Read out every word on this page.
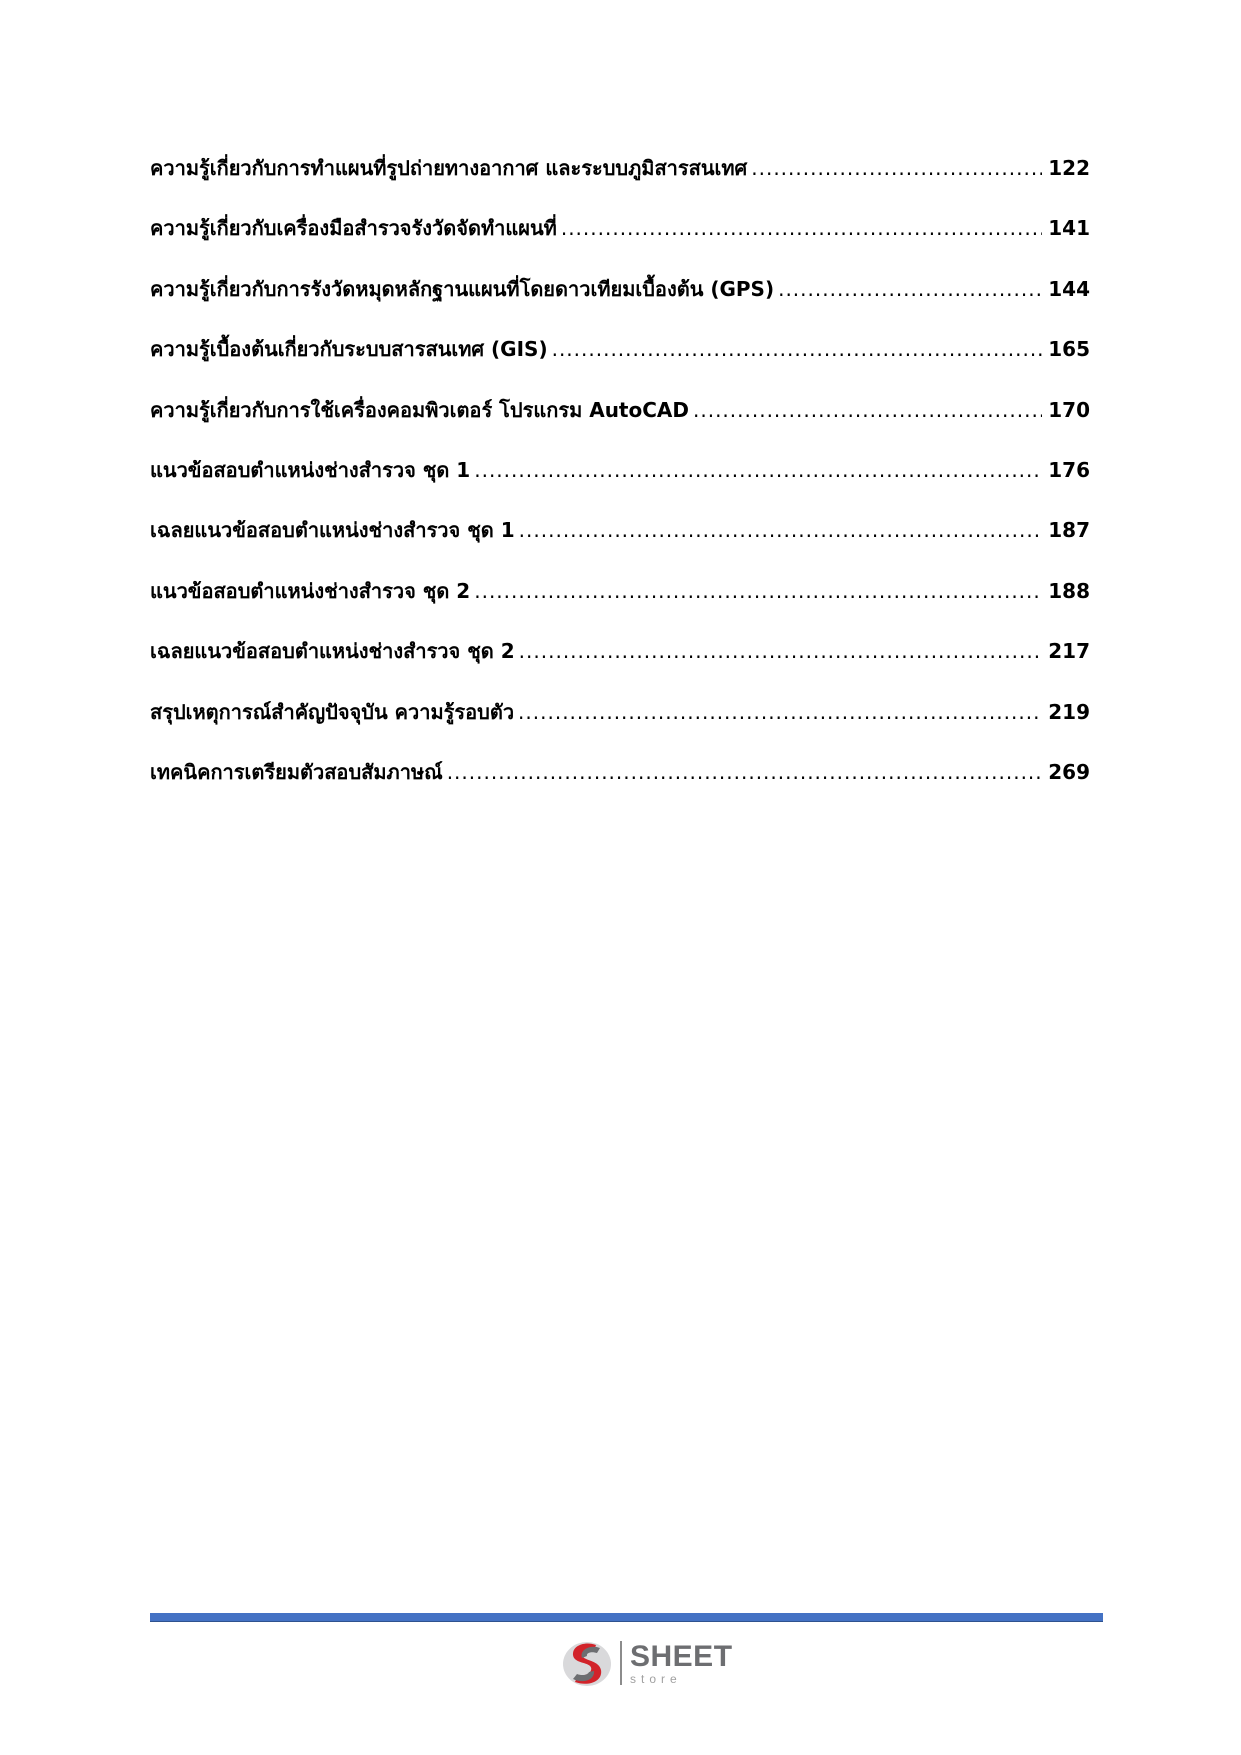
ความรู้เกี่ยวกับการทำแผนที่รูปถ่ายทางอากาศ และระบบภูมิสารสนเทศ .....	122
ความรู้เกี่ยวกับเครื่องมือสำรวจรังวัดจัดทำแผนที่ .....	141
ความรู้เกี่ยวกับการรังวัดหมุดหลักฐานแผนที่โดยดาวเทียมเบื้องต้น (GPS) .....	144
ความรู้เบื้องต้นเกี่ยวกับระบบสารสนเทศ (GIS) .....	165
ความรู้เกี่ยวกับการใช้เครื่องคอมพิวเตอร์ โปรแกรม AutoCAD .....	170
แนวข้อสอบตำแหน่งช่างสำรวจ ชุด 1 .....	176
เฉลยแนวข้อสอบตำแหน่งช่างสำรวจ ชุด 1 .....	187
แนวข้อสอบตำแหน่งช่างสำรวจ ชุด 2 .....	188
เฉลยแนวข้อสอบตำแหน่งช่างสำรวจ ชุด 2 .....	217
สรุปเหตุการณ์สำคัญปัจจุบัน ความรู้รอบตัว .....	219
เทคนิคการเตรียมตัวสอบสัมภาษณ์ .....	269
SHEET
store
